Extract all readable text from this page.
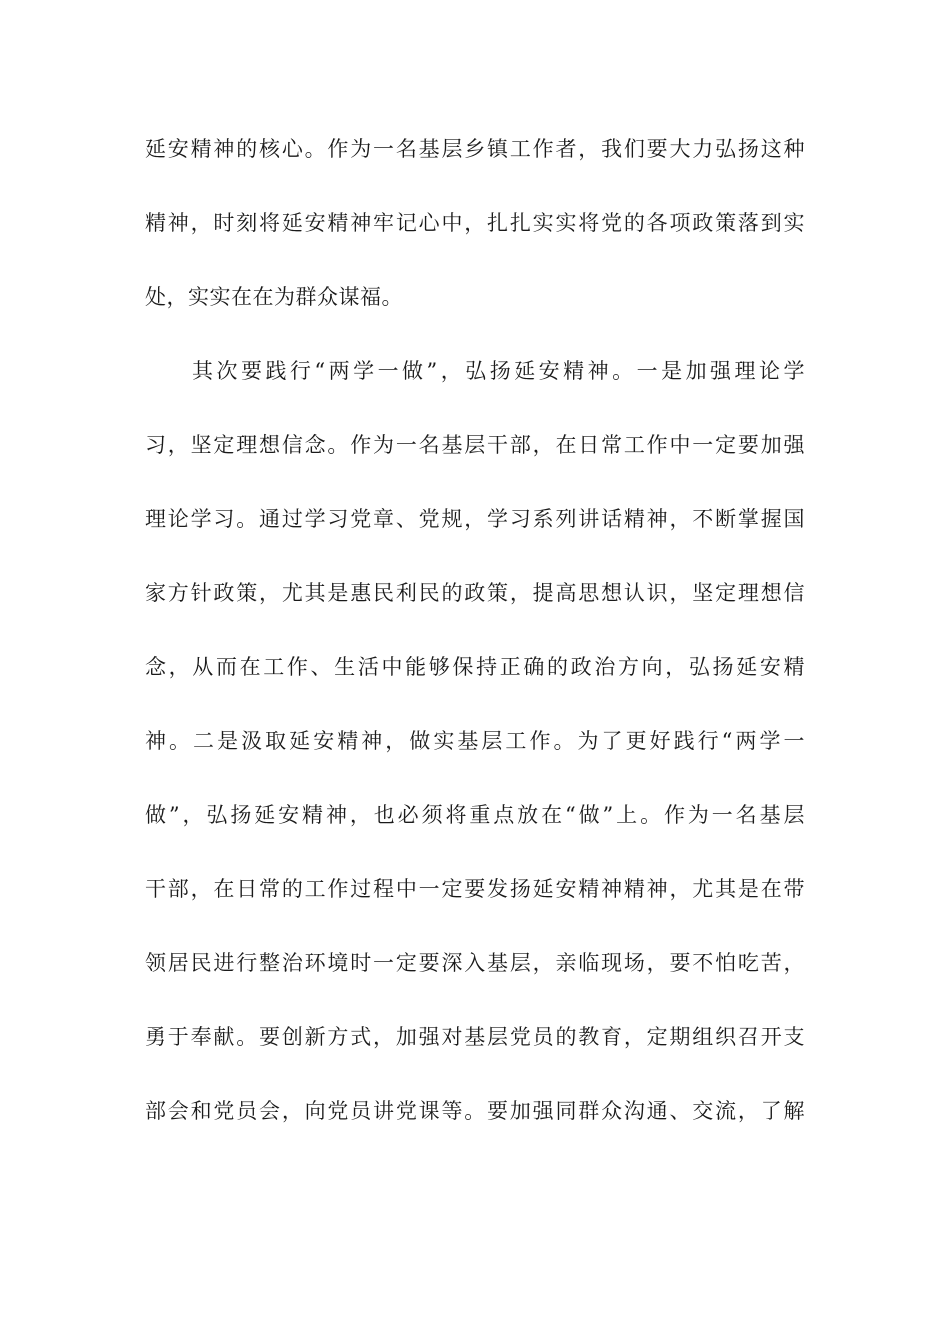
延安精神的核心。作为一名基层乡镇工作者，我们要大力弘扬这种
精神，时刻将延安精神牢记心中，扎扎实实将党的各项政策落到实
处，实实在在为群众谋福。
其次要践行“两学一做”，弘扬延安精神。一是加强理论学
习，坚定理想信念。作为一名基层干部，在日常工作中一定要加强
理论学习。通过学习党章、党规，学习系列讲话精神，不断掌握国
家方针政策，尤其是惠民利民的政策，提高思想认识，坚定理想信
念，从而在工作、生活中能够保持正确的政治方向，弘扬延安精
神。二是汲取延安精神，做实基层工作。为了更好践行“两学一
做”，弘扬延安精神，也必须将重点放在“做”上。作为一名基层
干部，在日常的工作过程中一定要发扬延安精神精神，尤其是在带
领居民进行整治环境时一定要深入基层，亲临现场，要不怕吃苦，
勇于奉献。要创新方式，加强对基层党员的教育，定期组织召开支
部会和党员会，向党员讲党课等。要加强同群众沟通、交流，了解
